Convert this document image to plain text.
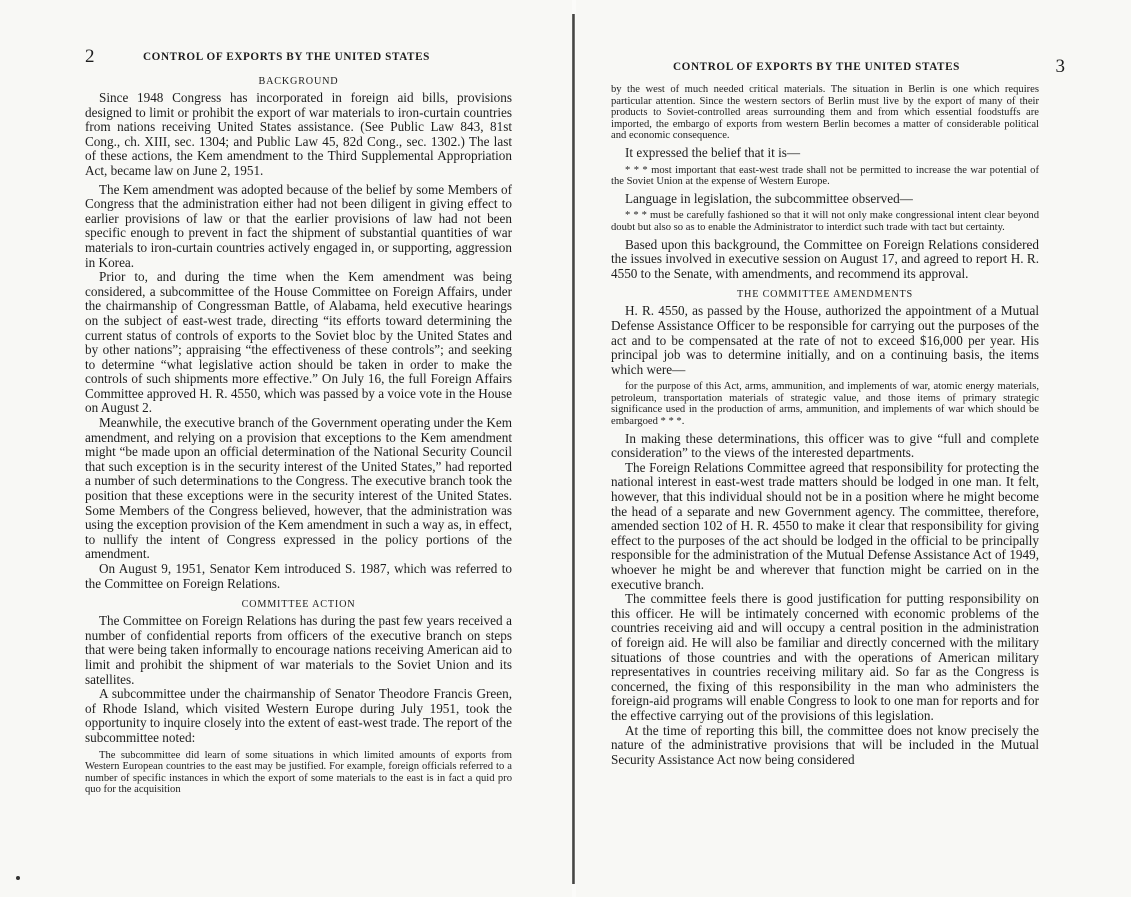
2	CONTROL OF EXPORTS BY THE UNITED STATES
BACKGROUND

Since 1948 Congress has incorporated in foreign aid bills, provisions designed to limit or prohibit the export of war materials to iron-curtain countries from nations receiving United States assistance. (See Public Law 843, 81st Cong., ch. XIII, sec. 1304; and Public Law 45, 82d Cong., sec. 1302.) The last of these actions, the Kem amendment to the Third Supplemental Appropriation Act, became law on June 2, 1951.

The Kem amendment was adopted because of the belief by some Members of Congress that the administration either had not been diligent in giving effect to earlier provisions of law or that the earlier provisions of law had not been specific enough to prevent in fact the shipment of substantial quantities of war materials to iron-curtain countries actively engaged in, or supporting, aggression in Korea.

Prior to, and during the time when the Kem amendment was being considered, a subcommittee of the House Committee on Foreign Affairs, under the chairmanship of Congressman Battle, of Alabama, held executive hearings on the subject of east-west trade, directing “its efforts toward determining the current status of controls of exports to the Soviet bloc by the United States and by other nations”; appraising “the effectiveness of these controls”; and seeking to determine “what legislative action should be taken in order to make the controls of such shipments more effective.” On July 16, the full Foreign Affairs Committee approved H. R. 4550, which was passed by a voice vote in the House on August 2.

Meanwhile, the executive branch of the Government operating under the Kem amendment, and relying on a provision that exceptions to the Kem amendment might “be made upon an official determination of the National Security Council that such exception is in the security interest of the United States,” had reported a number of such determinations to the Congress. The executive branch took the position that these exceptions were in the security interest of the United States. Some Members of the Congress believed, however, that the administration was using the exception provision of the Kem amendment in such a way as, in effect, to nullify the intent of Congress expressed in the policy portions of the amendment.

On August 9, 1951, Senator Kem introduced S. 1987, which was referred to the Committee on Foreign Relations.

COMMITTEE ACTION

The Committee on Foreign Relations has during the past few years received a number of confidential reports from officers of the executive branch on steps that were being taken informally to encourage nations receiving American aid to limit and prohibit the shipment of war materials to the Soviet Union and its satellites.

A subcommittee under the chairmanship of Senator Theodore Francis Green, of Rhode Island, which visited Western Europe during July 1951, took the opportunity to inquire closely into the extent of east-west trade. The report of the subcommittee noted:

The subcommittee did learn of some situations in which limited amounts of exports from Western European countries to the east may be justified. For example, foreign officials referred to a number of specific instances in which the export of some materials to the east is in fact a quid pro quo for the acquisition

CONTROL OF EXPORTS BY THE UNITED STATES	3

by the west of much needed critical materials. The situation in Berlin is one which requires particular attention. Since the western sectors of Berlin must live by the export of many of their products to Soviet-controlled areas surrounding them and from which essential foodstuffs are imported, the embargo of exports from western Berlin becomes a matter of considerable political and economic consequence.

It expressed the belief that it is—

* * * most important that east-west trade shall not be permitted to increase the war potential of the Soviet Union at the expense of Western Europe.

Language in legislation, the subcommittee observed—

* * * must be carefully fashioned so that it will not only make congressional intent clear beyond doubt but also so as to enable the Administrator to interdict such trade with tact but certainty.

Based upon this background, the Committee on Foreign Relations considered the issues involved in executive session on August 17, and agreed to report H. R. 4550 to the Senate, with amendments, and recommend its approval.

THE COMMITTEE AMENDMENTS

H. R. 4550, as passed by the House, authorized the appointment of a Mutual Defense Assistance Officer to be responsible for carrying out the purposes of the act and to be compensated at the rate of not to exceed $16,000 per year. His principal job was to determine initially, and on a continuing basis, the items which were—

for the purpose of this Act, arms, ammunition, and implements of war, atomic energy materials, petroleum, transportation materials of strategic value, and those items of primary strategic significance used in the production of arms, ammunition, and implements of war which should be embargoed * * *.

In making these determinations, this officer was to give “full and complete consideration” to the views of the interested departments.

The Foreign Relations Committee agreed that responsibility for protecting the national interest in east-west trade matters should be lodged in one man. It felt, however, that this individual should not be in a position where he might become the head of a separate and new Government agency. The committee, therefore, amended section 102 of H. R. 4550 to make it clear that responsibility for giving effect to the purposes of the act should be lodged in the official to be principally responsible for the administration of the Mutual Defense Assistance Act of 1949, whoever he might be and wherever that function might be carried on in the executive branch.

The committee feels there is good justification for putting responsibility on this officer. He will be intimately concerned with economic problems of the countries receiving aid and will occupy a central position in the administration of foreign aid. He will also be familiar and directly concerned with the military situations of those countries and with the operations of American military representatives in countries receiving military aid. So far as the Congress is concerned, the fixing of this responsibility in the man who administers the foreign-aid programs will enable Congress to look to one man for reports and for the effective carrying out of the provisions of this legislation.

At the time of reporting this bill, the committee does not know precisely the nature of the administrative provisions that will be included in the Mutual Security Assistance Act now being considered
